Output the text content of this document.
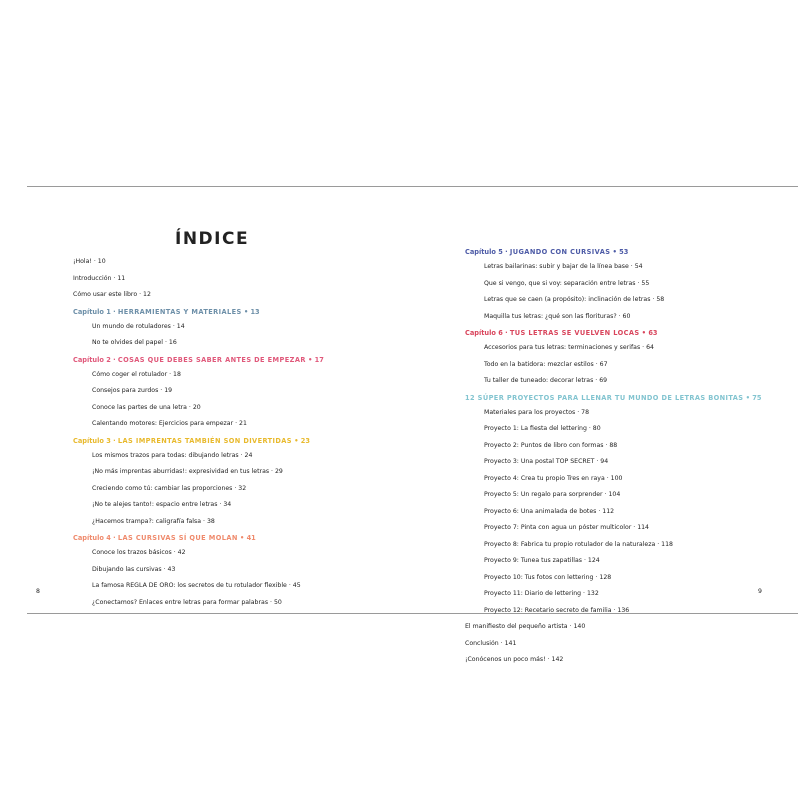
ÍNDICE
¡Hola! · 10
Introducción · 11
Cómo usar este libro · 12
Capítulo 1 · HERRAMIENTAS Y MATERIALES • 13
Un mundo de rotuladores · 14
No te olvides del papel · 16
Capítulo 2 · COSAS QUE DEBES SABER ANTES DE EMPEZAR • 17
Cómo coger el rotulador · 18
Consejos para zurdos · 19
Conoce las partes de una letra · 20
Calentando motores: Ejercicios para empezar · 21
Capítulo 3 · LAS IMPRENTAS TAMBIÉN SON DIVERTIDAS • 23
Los mismos trazos para todas: dibujando letras · 24
¡No más imprentas aburridas!: expresividad en tus letras · 29
Creciendo como tú: cambiar las proporciones · 32
¡No te alejes tanto!: espacio entre letras · 34
¿Hacemos trampa?: caligrafía falsa · 38
Capítulo 4 · LAS CURSIVAS SÍ QUE MOLAN • 41
Conoce los trazos básicos · 42
Dibujando las cursivas · 43
La famosa REGLA DE ORO: los secretos de tu rotulador flexible · 45
¿Conectamos? Enlaces entre letras para formar palabras · 50
Capítulo 5 · JUGANDO CON CURSIVAS • 53
Letras bailarinas: subir y bajar de la línea base · 54
Que si vengo, que si voy: separación entre letras · 55
Letras que se caen (a propósito): inclinación de letras · 58
Maquilla tus letras: ¿qué son las florituras? · 60
Capítulo 6 · TUS LETRAS SE VUELVEN LOCAS • 63
Accesorios para tus letras: terminaciones y serifas · 64
Todo en la batidora: mezclar estilos · 67
Tu taller de tuneado: decorar letras · 69
12 SÚPER PROYECTOS PARA LLENAR TU MUNDO DE LETRAS BONITAS • 75
Materiales para los proyectos · 78
Proyecto 1: La fiesta del lettering · 80
Proyecto 2: Puntos de libro con formas · 88
Proyecto 3: Una postal TOP SECRET · 94
Proyecto 4: Crea tu propio Tres en raya · 100
Proyecto 5: Un regalo para sorprender · 104
Proyecto 6: Una animalada de botes · 112
Proyecto 7: Pinta con agua un póster multicolor · 114
Proyecto 8: Fabrica tu propio rotulador de la naturaleza · 118
Proyecto 9: Tunea tus zapatillas · 124
Proyecto 10: Tus fotos con lettering · 128
Proyecto 11: Diario de lettering · 132
Proyecto 12: Recetario secreto de familia · 136
El manifiesto del pequeño artista · 140
Conclusión · 141
¡Conócenos un poco más! · 142
8	9
